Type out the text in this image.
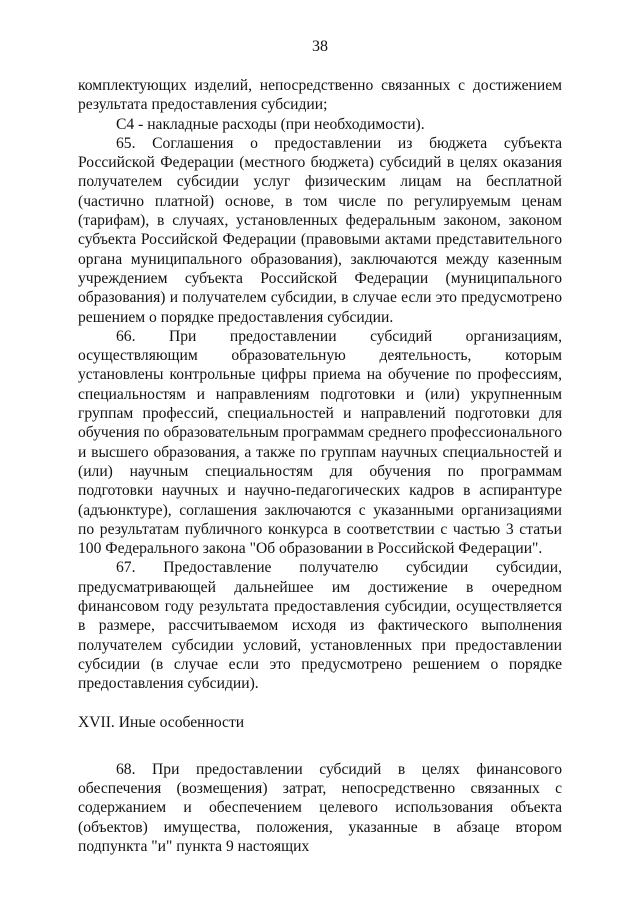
38

комплектующих изделий, непосредственно связанных с достижением результата предоставления субсидии;

С4 - накладные расходы (при необходимости).

65. Соглашения о предоставлении из бюджета субъекта Российской Федерации (местного бюджета) субсидий в целях оказания получателем субсидии услуг физическим лицам на бесплатной (частично платной) основе, в том числе по регулируемым ценам (тарифам), в случаях, установленных федеральным законом, законом субъекта Российской Федерации (правовыми актами представительного органа муниципального образования), заключаются между казенным учреждением субъекта Российской Федерации (муниципального образования) и получателем субсидии, в случае если это предусмотрено решением о порядке предоставления субсидии.

66. При предоставлении субсидий организациям, осуществляющим образовательную деятельность, которым установлены контрольные цифры приема на обучение по профессиям, специальностям и направлениям подготовки и (или) укрупненным группам профессий, специальностей и направлений подготовки для обучения по образовательным программам среднего профессионального и высшего образования, а также по группам научных специальностей и (или) научным специальностям для обучения по программам подготовки научных и научно-педагогических кадров в аспирантуре (адъюнктуре), соглашения заключаются с указанными организациями по результатам публичного конкурса в соответствии с частью 3 статьи 100 Федерального закона "Об образовании в Российской Федерации".

67. Предоставление получателю субсидии субсидии, предусматривающей дальнейшее им достижение в очередном финансовом году результата предоставления субсидии, осуществляется в размере, рассчитываемом исходя из фактического выполнения получателем субсидии условий, установленных при предоставлении субсидии (в случае если это предусмотрено решением о порядке предоставления субсидии).

XVII. Иные особенности

68. При предоставлении субсидий в целях финансового обеспечения (возмещения) затрат, непосредственно связанных с содержанием и обеспечением целевого использования объекта (объектов) имущества, положения, указанные в абзаце втором подпункта "и" пункта 9 настоящих
